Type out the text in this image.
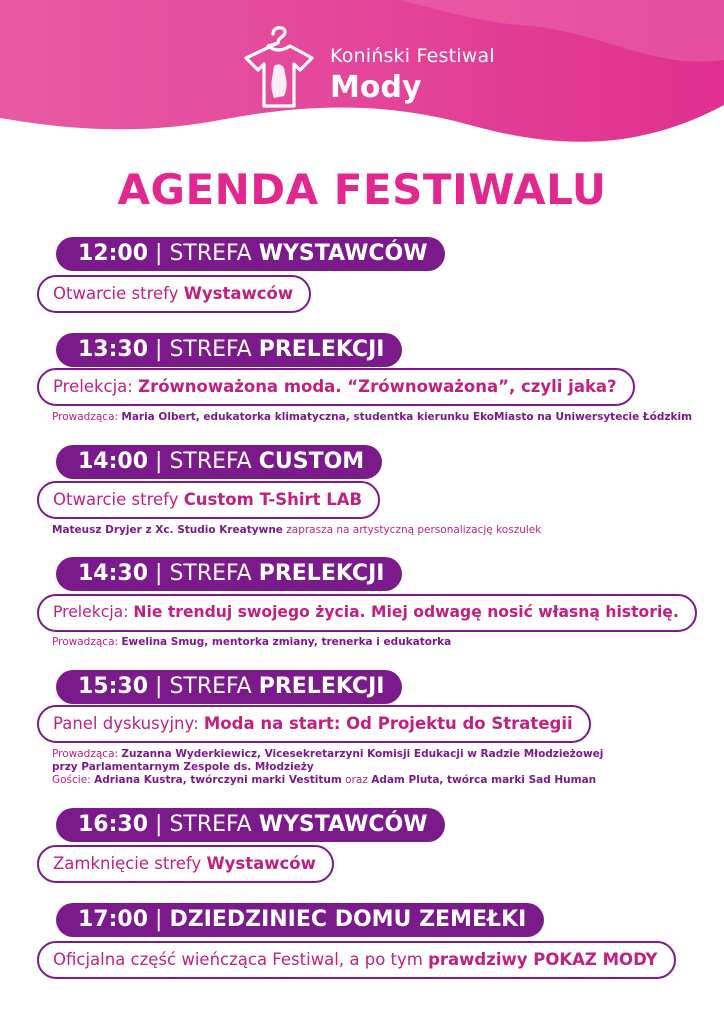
Koniński Festiwal
Mody
AGENDA FESTIWALU
12:00 | STREFA WYSTAWCÓW
Otwarcie strefy Wystawców
13:30 | STREFA PRELEKCJI
Prelekcja: Zrównoważona moda. “Zrównoważona”, czyli jaka?
Prowadząca: Maria Olbert, edukatorka klimatyczna, studentka kierunku EkoMiasto na Uniwersytecie Łódzkim
14:00 | STREFA CUSTOM
Otwarcie strefy Custom T-Shirt LAB
Mateusz Dryjer z Xc. Studio Kreatywne zaprasza na artystyczną personalizację koszulek
14:30 | STREFA PRELEKCJI
Prelekcja: Nie trenduj swojego życia. Miej odwagę nosić własną historię.
Prowadząca: Ewelina Smug, mentorka zmiany, trenerka i edukatorka
15:30 | STREFA PRELEKCJI
Panel dyskusyjny: Moda na start: Od Projektu do Strategii
Prowadząca: Zuzanna Wyderkiewicz, Vicesekretarzyni Komisji Edukacji w Radzie Młodzieżowej
przy Parlamentarnym Zespole ds. Młodzieży
Goście: Adriana Kustra, twórczyni marki Vestitum oraz Adam Pluta, twórca marki Sad Human
16:30 | STREFA WYSTAWCÓW
Zamknięcie strefy Wystawców
17:00 | DZIEDZINIEC DOMU ZEMEŁKI
Oficjalna część wieńcząca Festiwal, a po tym prawdziwy POKAZ MODY
